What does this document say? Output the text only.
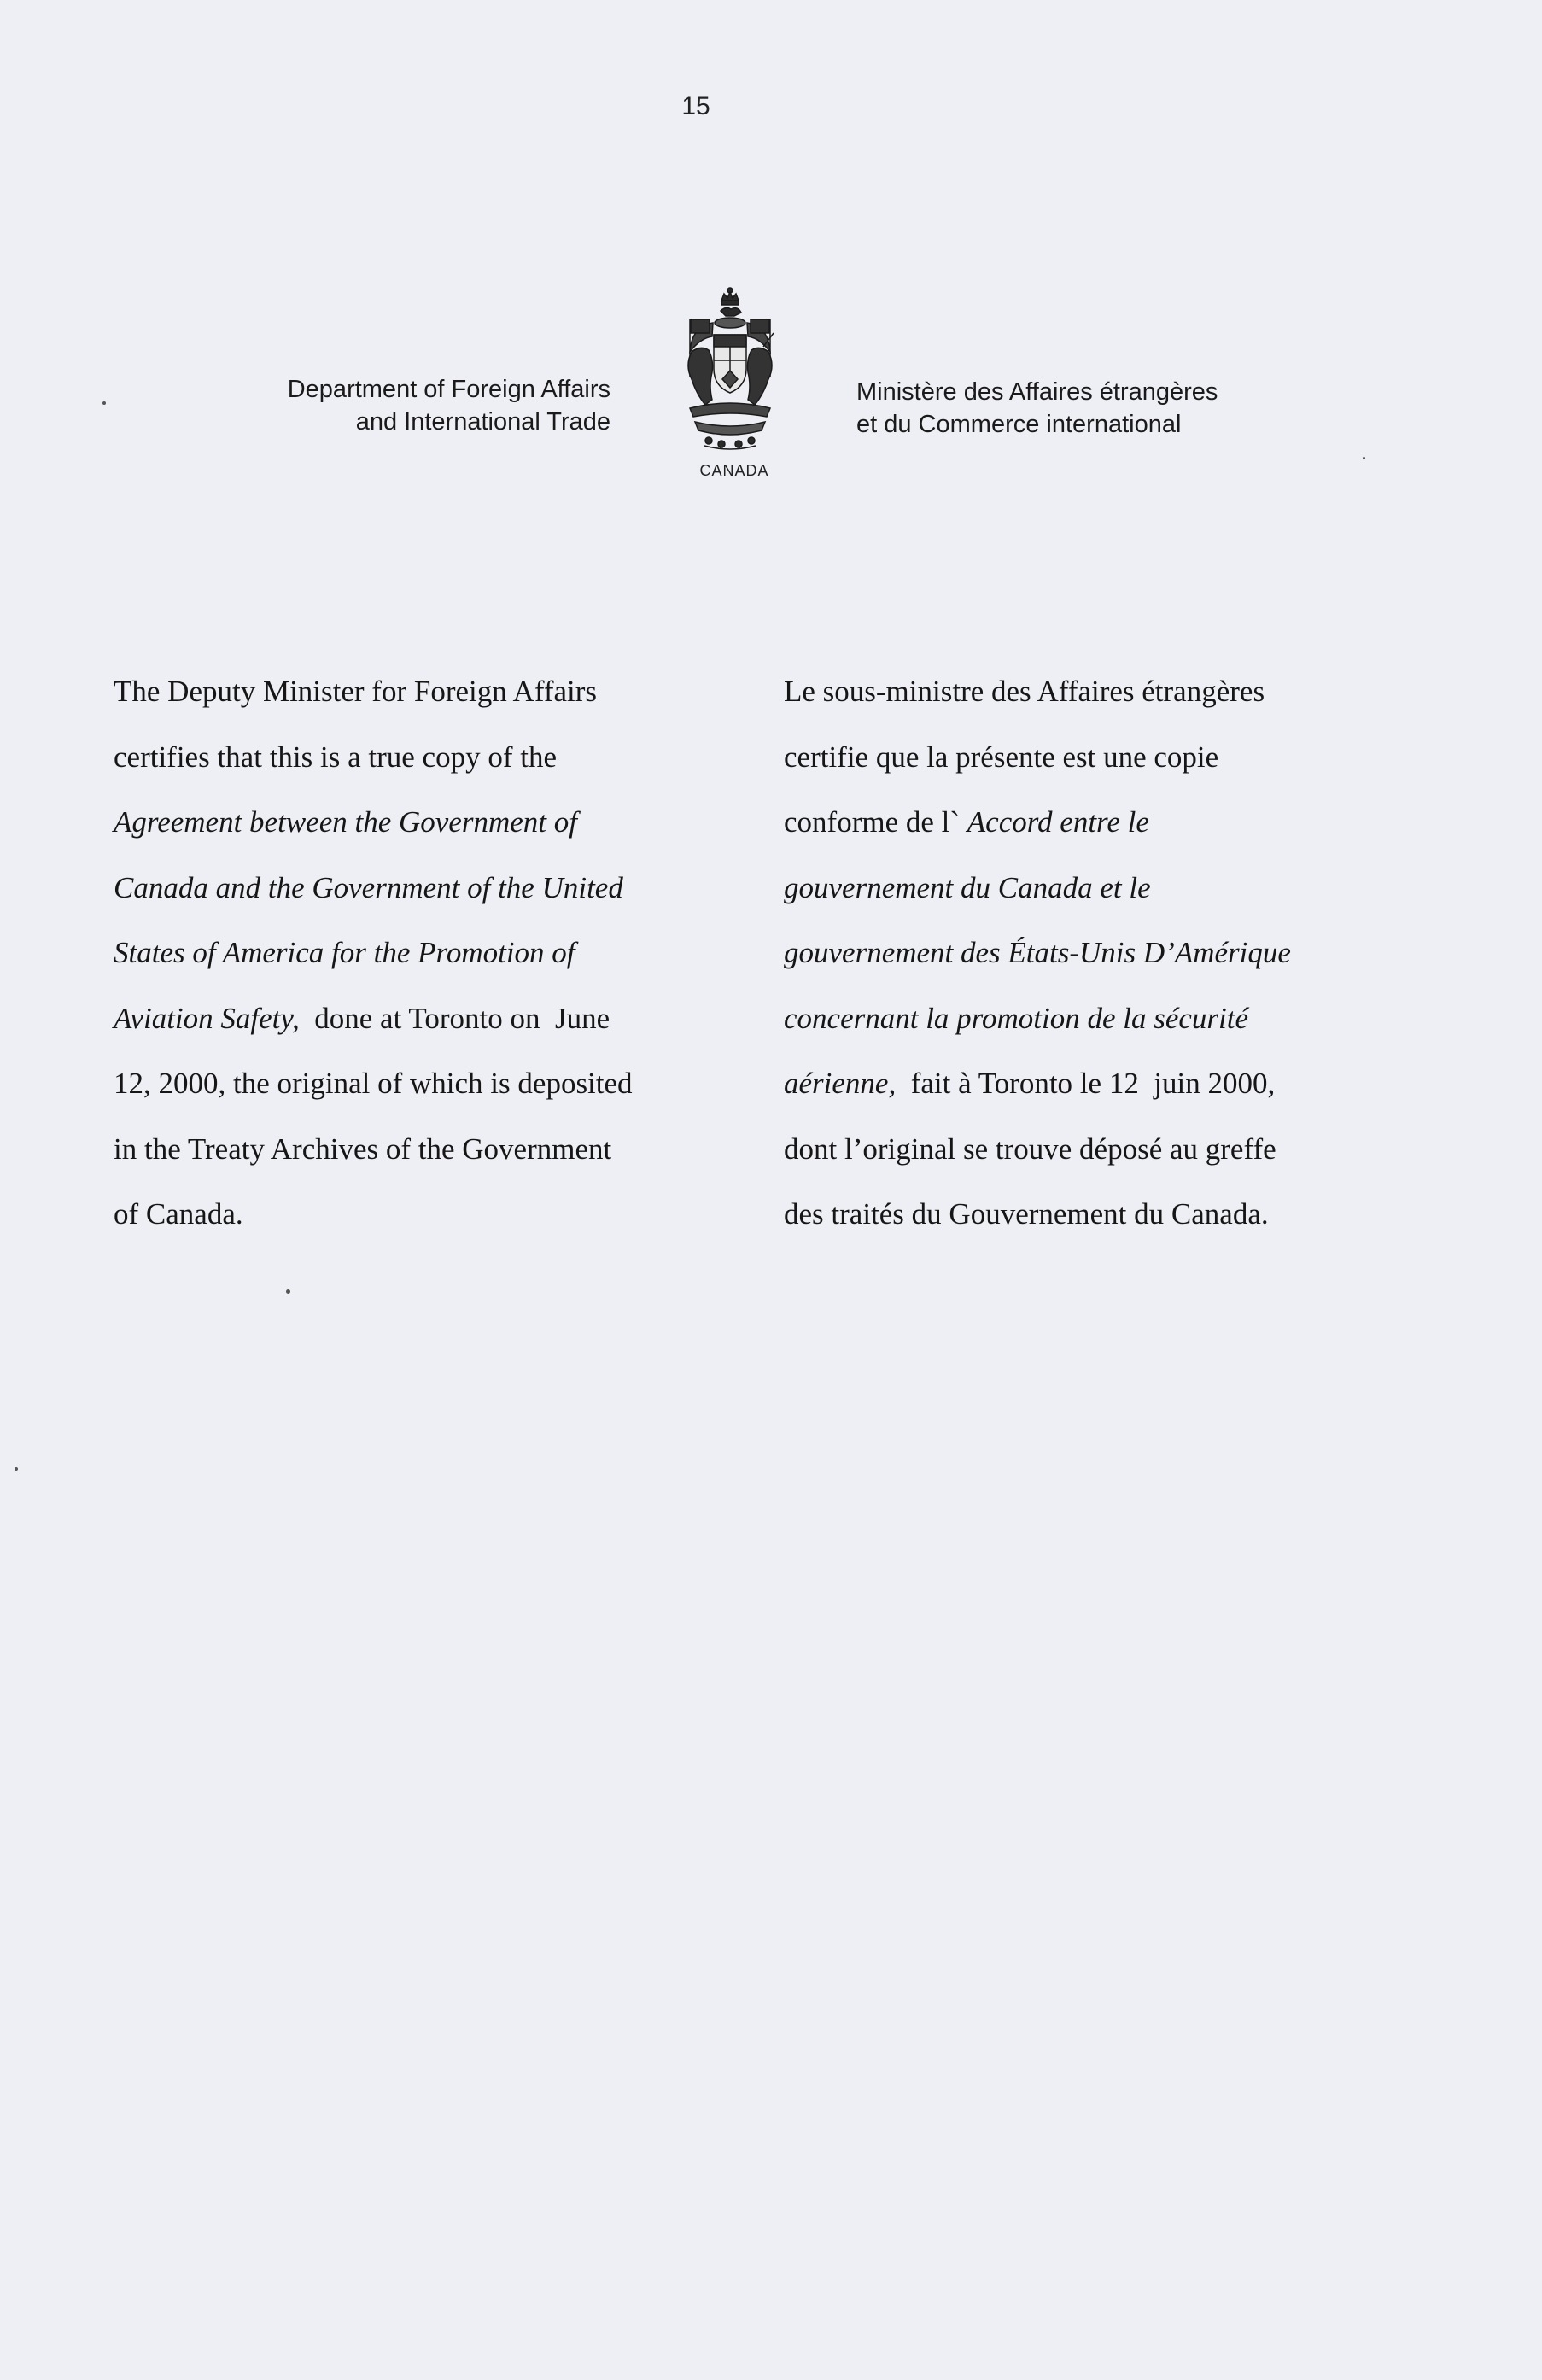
15
Department of Foreign Affairs
and International Trade
CANADA
Ministère des Affaires étrangères
et du Commerce international
The Deputy Minister for Foreign Affairs
certifies that this is a true copy of the
Agreement between the Government of
Canada and the Government of the United
States of America for the Promotion of
Aviation Safety,  done at Toronto on  June
12, 2000, the original of which is deposited
in the Treaty Archives of the Government
of Canada.
Le sous-ministre des Affaires étrangères
certifie que la présente est une copie
conforme de l` Accord entre le
gouvernement du Canada et le
gouvernement des États-Unis D’Amérique
concernant la promotion de la sécurité
aérienne,  fait à Toronto le 12  juin 2000,
dont l’original se trouve déposé au greffe
des traités du Gouvernement du Canada.
